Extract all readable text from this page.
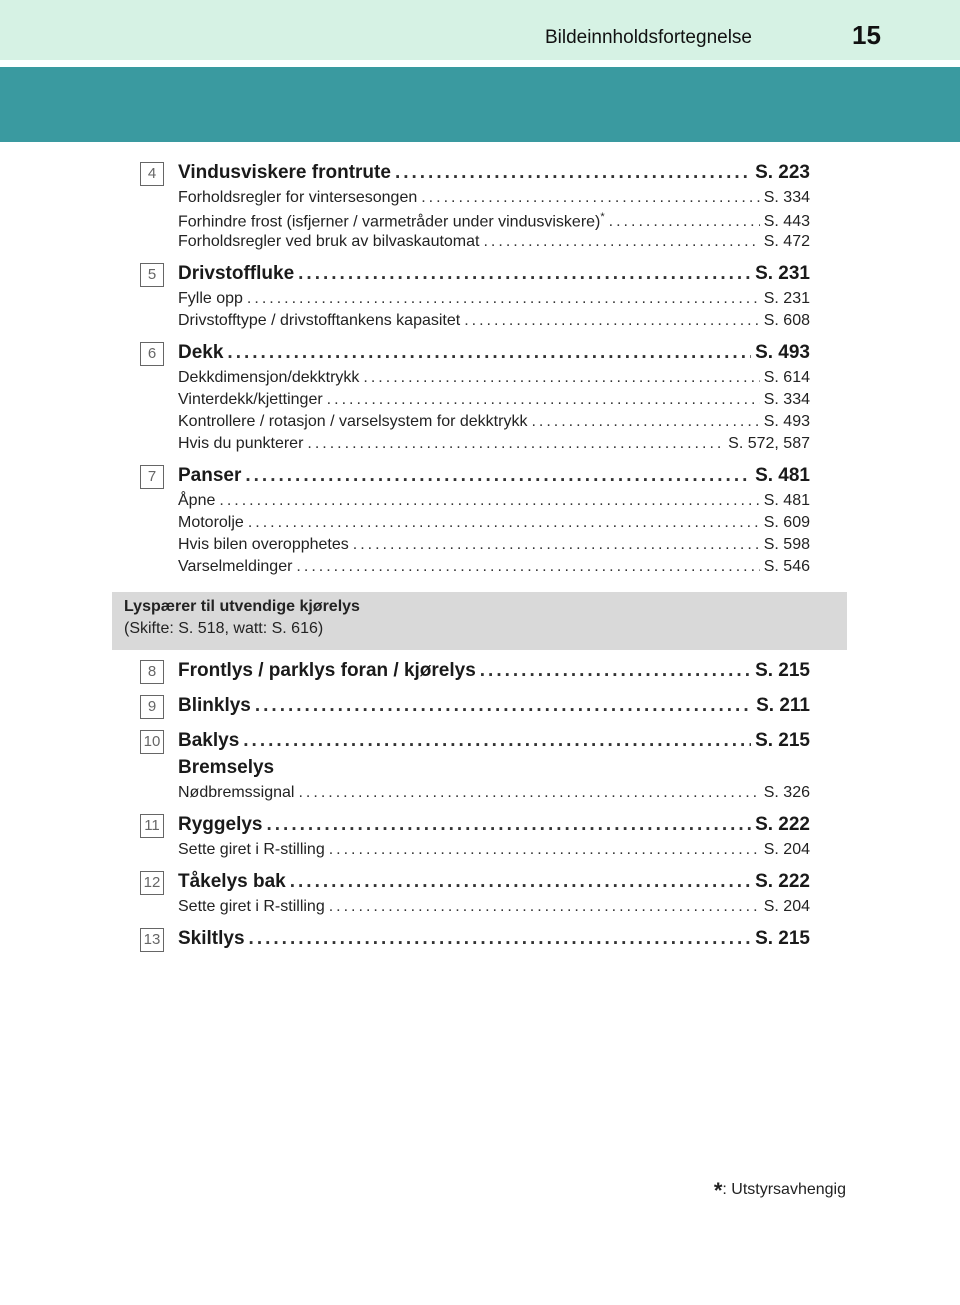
Bildeinnholdsfortegnelse	15
4	Vindusviskere frontrute .....	S. 223
Forholdsregler for vintersesongen .....	S. 334
Forhindre frost (isfjerner / varmetråder under vindusviskere)* .....	S. 443
Forholdsregler ved bruk av bilvaskautomat .....	S. 472
5	Drivstoffluke .....	S. 231
Fylle opp .....	S. 231
Drivstofftype / drivstofftankens kapasitet .....	S. 608
6	Dekk .....	S. 493
Dekkdimensjon/dekktrykk .....	S. 614
Vinterdekk/kjettinger .....	S. 334
Kontrollere / rotasjon / varselsystem for dekktrykk .....	S. 493
Hvis du punkterer .....	S. 572, 587
7	Panser .....	S. 481
Åpne .....	S. 481
Motorolje .....	S. 609
Hvis bilen overopphetes .....	S. 598
Varselmeldinger .....	S. 546
Lyspærer til utvendige kjørelys
(Skifte: S. 518, watt: S. 616)
8	Frontlys / parklys foran / kjørelys .....	S. 215
9	Blinklys .....	S. 211
10 Baklys .....	S. 215
Bremselys
Nødbremssignal .....	S. 326
11 Ryggelys .....	S. 222
Sette giret i R-stilling .....	S. 204
12 Tåkelys bak .....	S. 222
Sette giret i R-stilling .....	S. 204
13 Skiltlys .....	S. 215
*: Utstyrsavhengig
